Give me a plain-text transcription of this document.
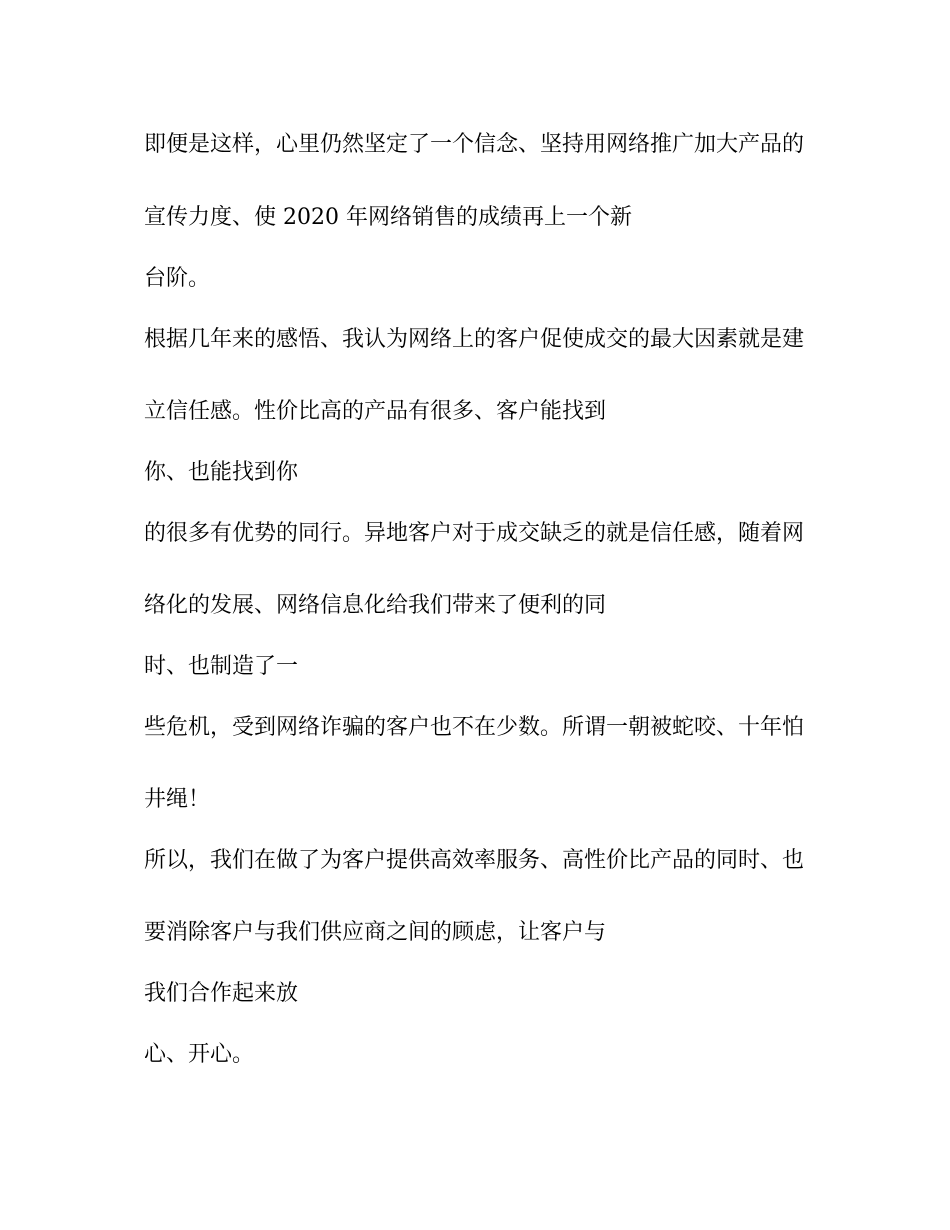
即便是这样，心里仍然坚定了一个信念、坚持用网络推广加大产品的

宣传力度、使 2020 年网络销售的成绩再上一个新

台阶。

根据几年来的感悟、我认为网络上的客户促使成交的最大因素就是建

立信任感。性价比高的产品有很多、客户能找到

你、也能找到你

的很多有优势的同行。异地客户对于成交缺乏的就是信任感，随着网

络化的发展、网络信息化给我们带来了便利的同

时、也制造了一

些危机，受到网络诈骗的客户也不在少数。所谓一朝被蛇咬、十年怕

井绳！

所以，我们在做了为客户提供高效率服务、高性价比产品的同时、也

要消除客户与我们供应商之间的顾虑，让客户与

我们合作起来放

心、开心。
